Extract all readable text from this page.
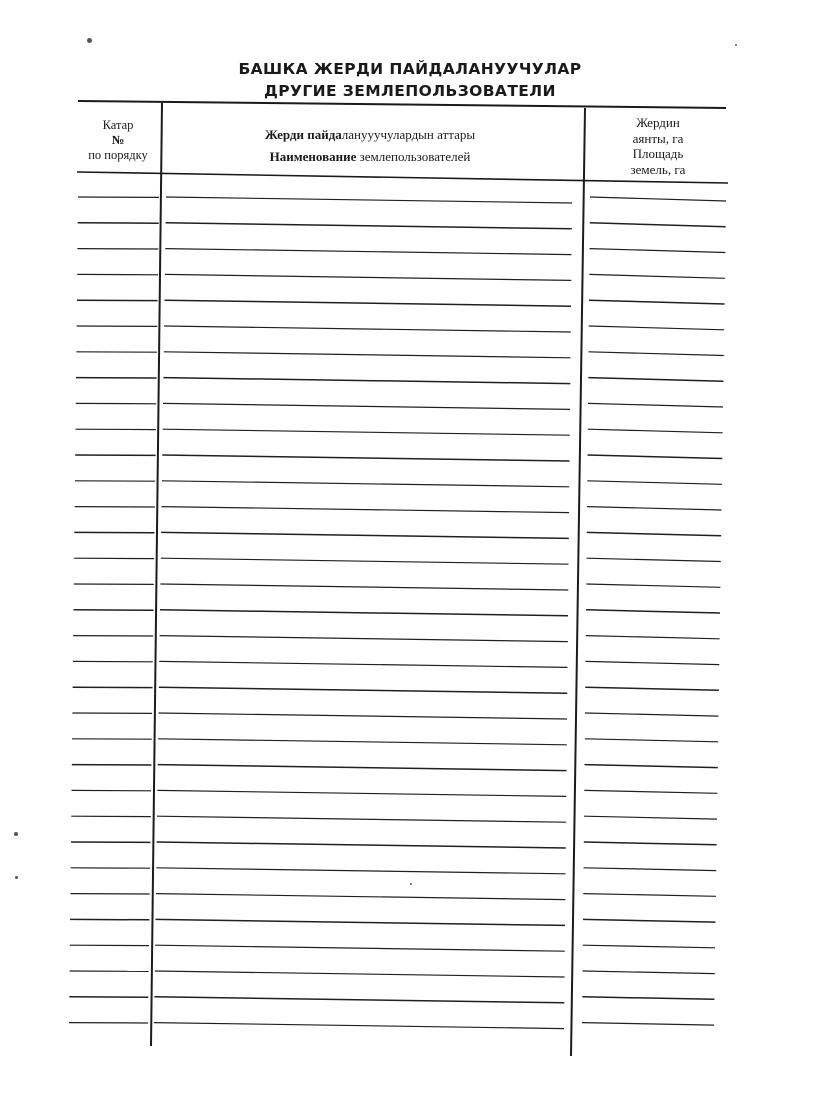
БАШКА ЖЕРДИ ПАЙДАЛАНУУЧУЛАР
ДРУГИЕ ЗЕМЛЕПОЛЬЗОВАТЕЛИ
Катар
№
по порядку
Жерди пайдаланууучулардын аттары
Наименование землепользователей
Жердин
аянты, га
Площадь
земель, га
